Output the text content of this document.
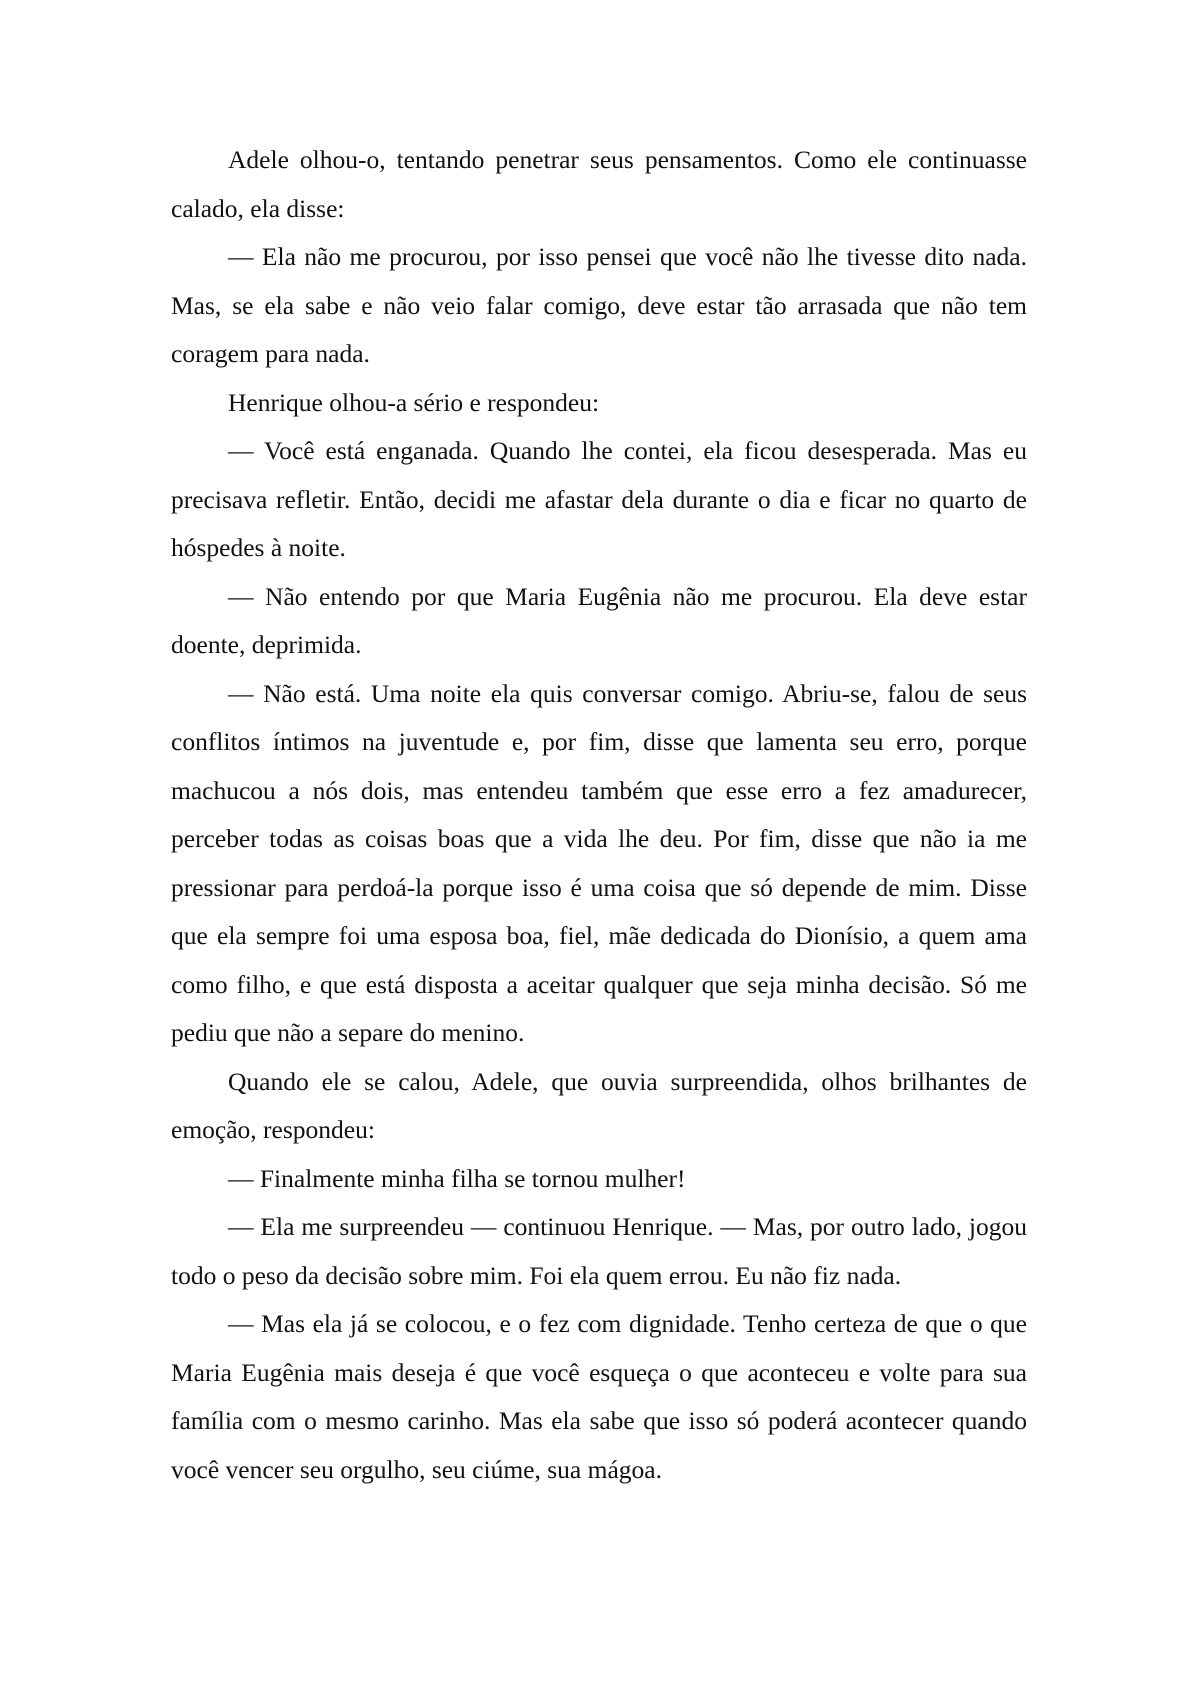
Adele olhou-o, tentando penetrar seus pensamentos. Como ele continuasse calado, ela disse:

— Ela não me procurou, por isso pensei que você não lhe tivesse dito nada. Mas, se ela sabe e não veio falar comigo, deve estar tão arrasada que não tem coragem para nada.

Henrique olhou-a sério e respondeu:

— Você está enganada. Quando lhe contei, ela ficou desesperada. Mas eu precisava refletir. Então, decidi me afastar dela durante o dia e ficar no quarto de hóspedes à noite.

— Não entendo por que Maria Eugênia não me procurou. Ela deve estar doente, deprimida.

— Não está. Uma noite ela quis conversar comigo. Abriu-se, falou de seus conflitos íntimos na juventude e, por fim, disse que lamenta seu erro, porque machucou a nós dois, mas entendeu também que esse erro a fez amadurecer, perceber todas as coisas boas que a vida lhe deu. Por fim, disse que não ia me pressionar para perdoá-la porque isso é uma coisa que só depende de mim. Disse que ela sempre foi uma esposa boa, fiel, mãe dedicada do Dionísio, a quem ama como filho, e que está disposta a aceitar qualquer que seja minha decisão. Só me pediu que não a separe do menino.

Quando ele se calou, Adele, que ouvia surpreendida, olhos brilhantes de emoção, respondeu:

— Finalmente minha filha se tornou mulher!

— Ela me surpreendeu — continuou Henrique. — Mas, por outro lado, jogou todo o peso da decisão sobre mim. Foi ela quem errou. Eu não fiz nada.

— Mas ela já se colocou, e o fez com dignidade. Tenho certeza de que o que Maria Eugênia mais deseja é que você esqueça o que aconteceu e volte para sua família com o mesmo carinho. Mas ela sabe que isso só poderá acontecer quando você vencer seu orgulho, seu ciúme, sua mágoa.
